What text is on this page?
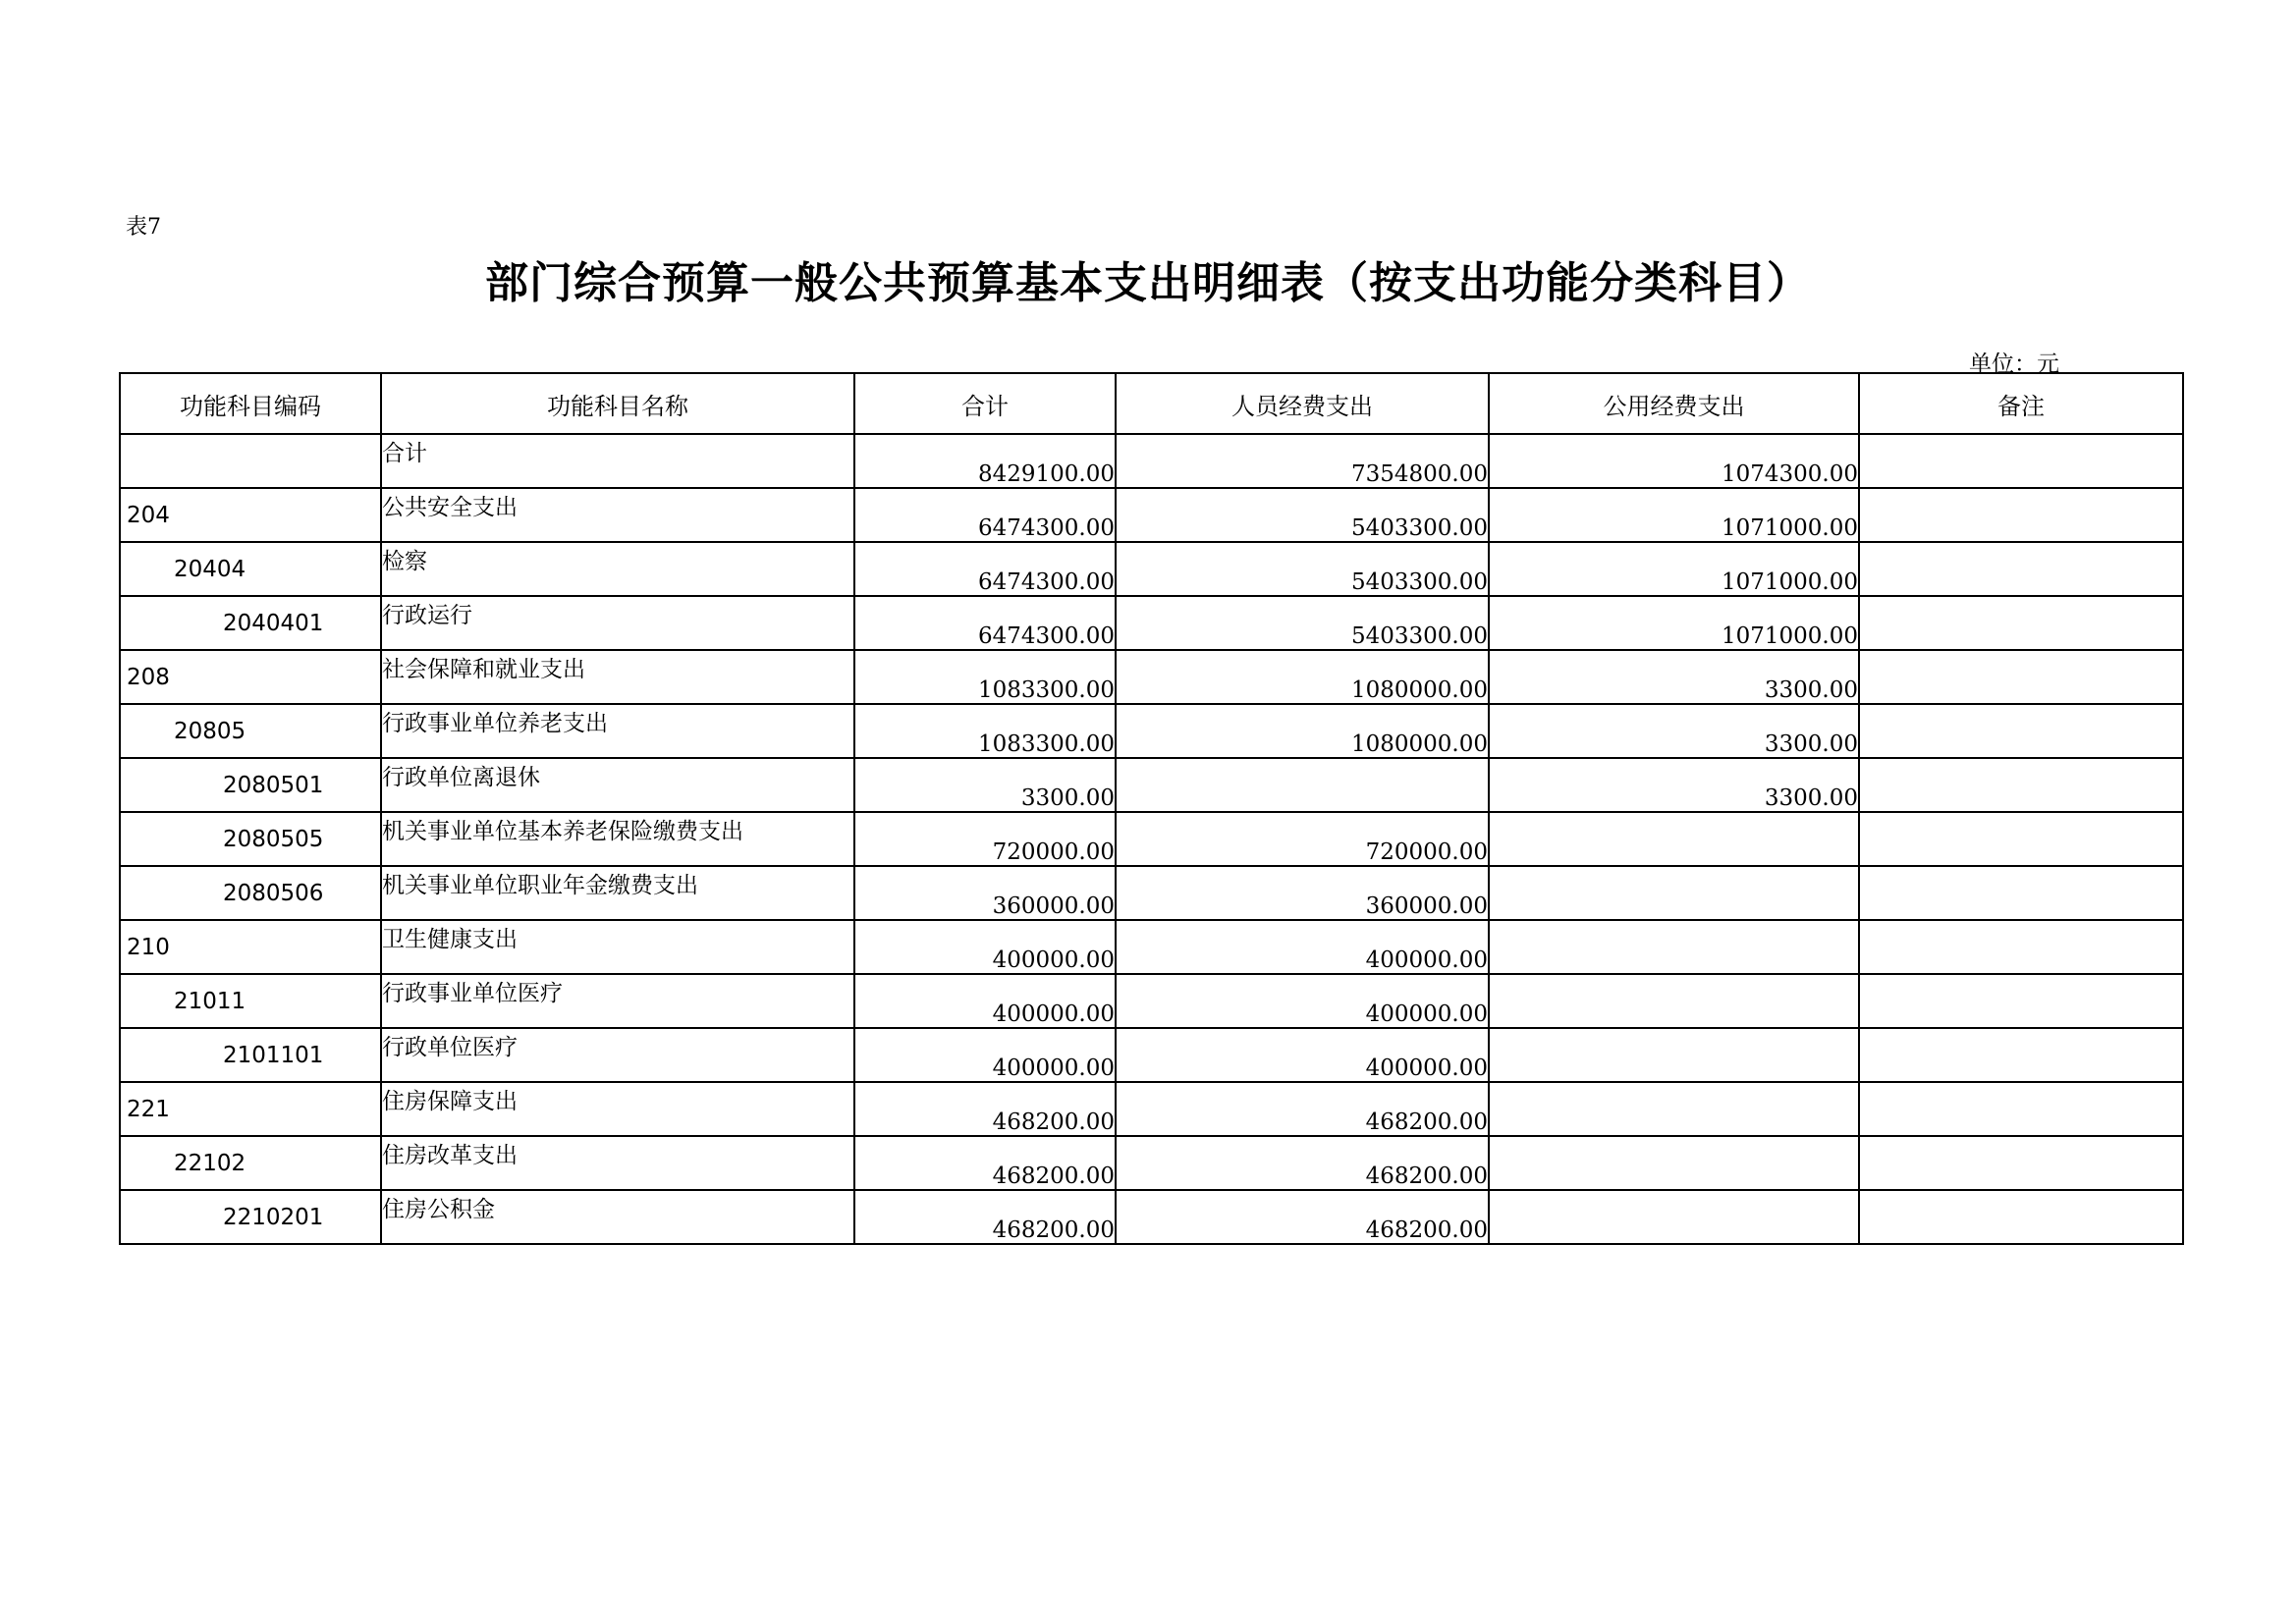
表7
部门综合预算一般公共预算基本支出明细表（按支出功能分类科目）
单位：元
功能科目编码	功能科目名称	合计	人员经费支出	公用经费支出	备注
	合计	8429100.00	7354800.00	1074300.00	
204	公共安全支出	6474300.00	5403300.00	1071000.00	
20404	检察	6474300.00	5403300.00	1071000.00	
2040401	行政运行	6474300.00	5403300.00	1071000.00	
208	社会保障和就业支出	1083300.00	1080000.00	3300.00	
20805	行政事业单位养老支出	1083300.00	1080000.00	3300.00	
2080501	行政单位离退休	3300.00		3300.00	
2080505	机关事业单位基本养老保险缴费支出	720000.00	720000.00		
2080506	机关事业单位职业年金缴费支出	360000.00	360000.00		
210	卫生健康支出	400000.00	400000.00		
21011	行政事业单位医疗	400000.00	400000.00		
2101101	行政单位医疗	400000.00	400000.00		
221	住房保障支出	468200.00	468200.00		
22102	住房改革支出	468200.00	468200.00		
2210201	住房公积金	468200.00	468200.00		
